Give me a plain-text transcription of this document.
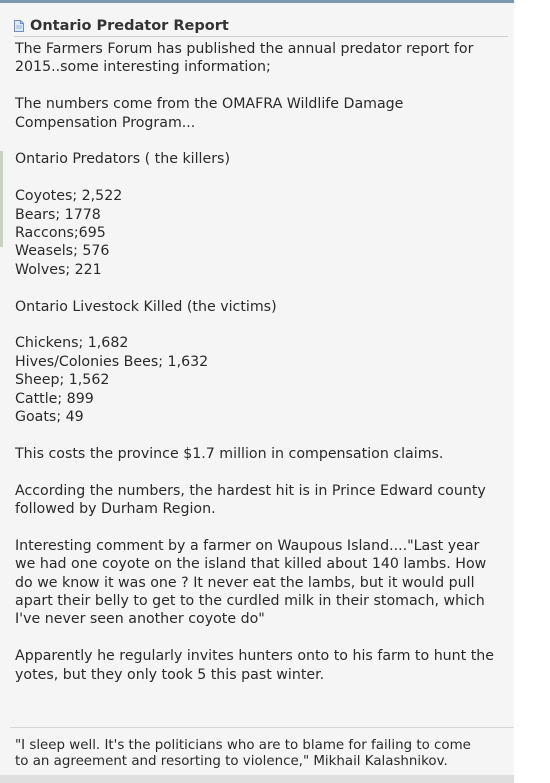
Ontario Predator Report

The Farmers Forum has published the annual predator report for

2015..some interesting information;

The numbers come from the OMAFRA Wildlife Damage

Compensation Program...

Ontario Predators ( the killers)

Coyotes; 2,522

Bears; 1778

Raccons;695

Weasels; 576

Wolves; 221

Ontario Livestock Killed (the victims)

Chickens; 1,682

Hives/Colonies Bees; 1,632

Sheep; 1,562

Cattle; 899

Goats; 49

This costs the province $1.7 million in compensation claims.

According the numbers, the hardest hit is in Prince Edward county

followed by Durham Region.

Interesting comment by a farmer on Waupous Island...."Last year

we had one coyote on the island that killed about 140 lambs. How

do we know it was one ? It never eat the lambs, but it would pull

apart their belly to get to the curdled milk in their stomach, which

I've never seen another coyote do"

Apparently he regularly invites hunters onto to his farm to hunt the

yotes, but they only took 5 this past winter.

"I sleep well. It's the politicians who are to blame for failing to come

to an agreement and resorting to violence," Mikhail Kalashnikov.
